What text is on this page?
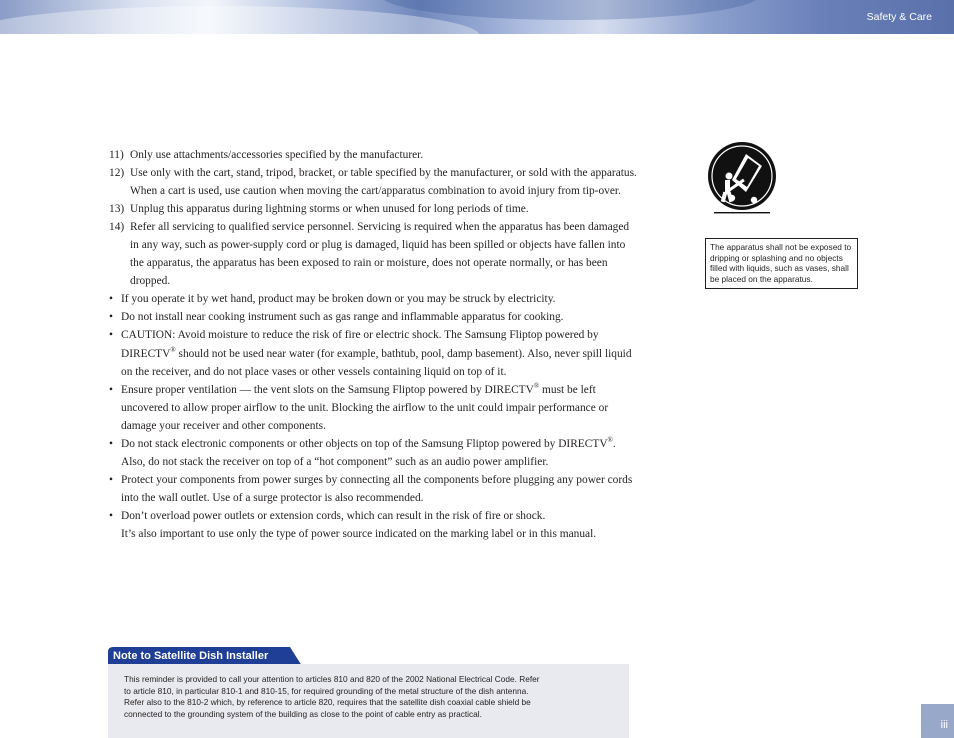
Safety & Care
11) Only use attachments/accessories specified by the manufacturer.
12) Use only with the cart, stand, tripod, bracket, or table specified by the manufacturer, or sold with the apparatus. When a cart is used, use caution when moving the cart/apparatus combination to avoid injury from tip-over.
13) Unplug this apparatus during lightning storms or when unused for long periods of time.
14) Refer all servicing to qualified service personnel. Servicing is required when the apparatus has been damaged in any way, such as power-supply cord or plug is damaged, liquid has been spilled or objects have fallen into the apparatus, the apparatus has been exposed to rain or moisture, does not operate normally, or has been dropped.
• If you operate it by wet hand, product may be broken down or you may be struck by electricity.
• Do not install near cooking instrument such as gas range and inflammable apparatus for cooking.
• CAUTION: Avoid moisture to reduce the risk of fire or electric shock. The Samsung Fliptop powered by DIRECTV® should not be used near water (for example, bathtub, pool, damp basement). Also, never spill liquid on the receiver, and do not place vases or other vessels containing liquid on top of it.
• Ensure proper ventilation — the vent slots on the Samsung Fliptop powered by DIRECTV® must be left uncovered to allow proper airflow to the unit. Blocking the airflow to the unit could impair performance or damage your receiver and other components.
• Do not stack electronic components or other objects on top of the Samsung Fliptop powered by DIRECTV®. Also, do not stack the receiver on top of a “hot component” such as an audio power amplifier.
• Protect your components from power surges by connecting all the components before plugging any power cords into the wall outlet. Use of a surge protector is also recommended.
• Don’t overload power outlets or extension cords, which can result in the risk of fire or shock.
It’s also important to use only the type of power source indicated on the marking label or in this manual.
The apparatus shall not be exposed to dripping or splashing and no objects filled with liquids, such as vases, shall be placed on the apparatus.
Note to Satellite Dish Installer
This reminder is provided to call your attention to articles 810 and 820 of the 2002 National Electrical Code. Refer
to article 810, in particular 810-1 and 810-15, for required grounding of the metal structure of the dish antenna.
Refer also to the 810-2 which, by reference to article 820, requires that the satellite dish coaxial cable shield be
connected to the grounding system of the building as close to the point of cable entry as practical.
iii
